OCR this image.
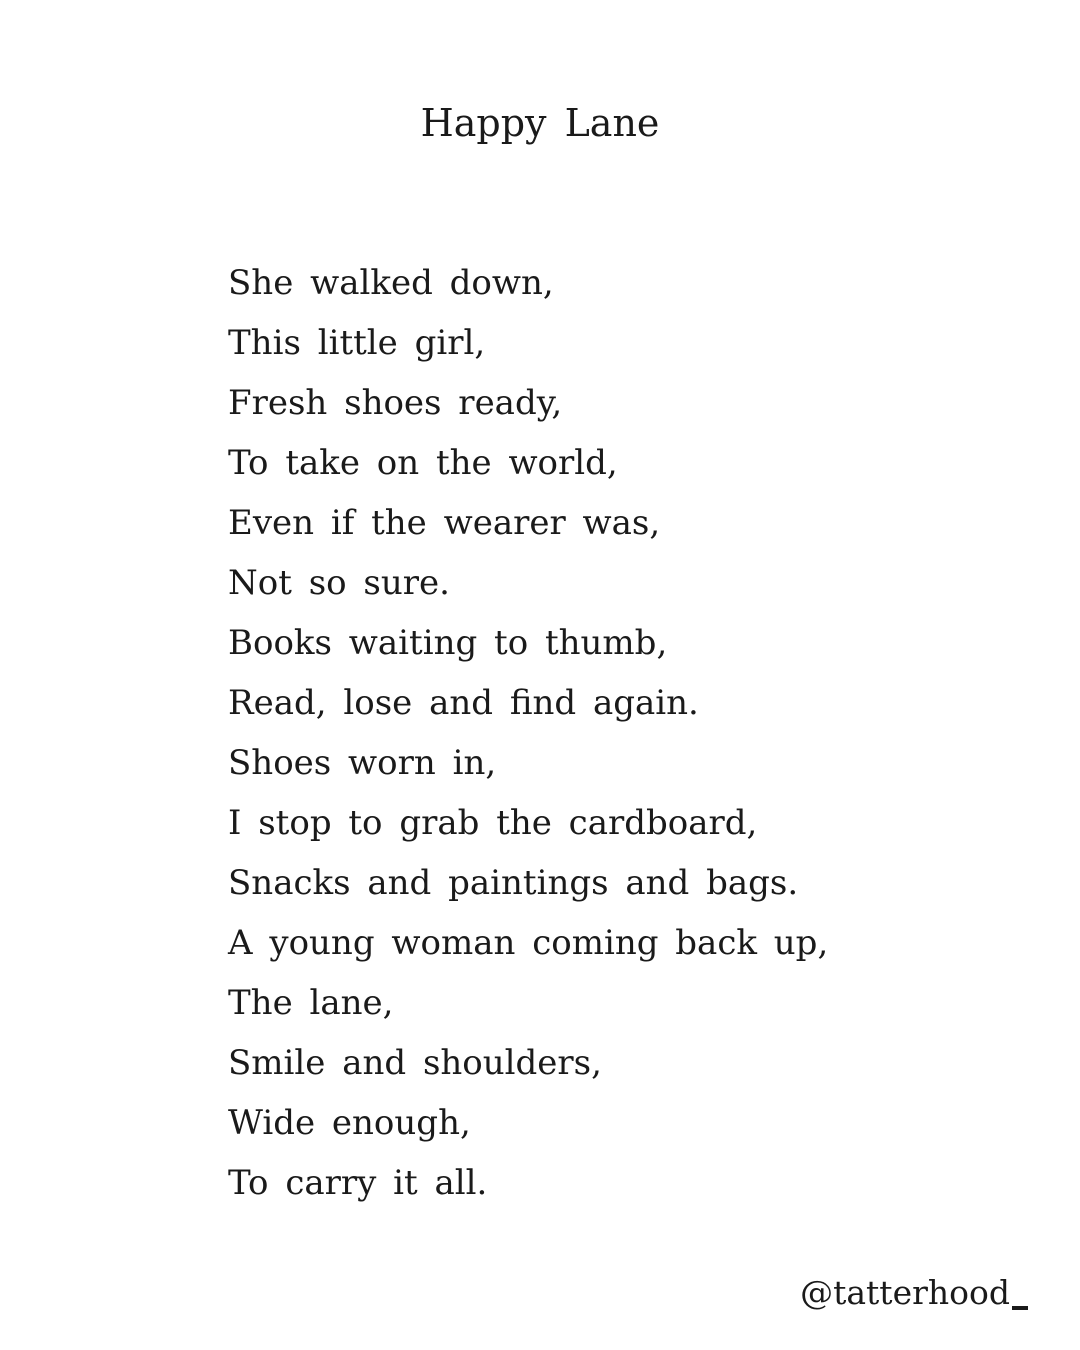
Happy Lane
She walked down,
This little girl,
Fresh shoes ready,
To take on the world,
Even if the wearer was,
Not so sure.
Books waiting to thumb,
Read, lose and find again.
Shoes worn in,
I stop to grab the cardboard,
Snacks and paintings and bags.
A young woman coming back up,
The lane,
Smile and shoulders,
Wide enough,
To carry it all.
@tatterhood
